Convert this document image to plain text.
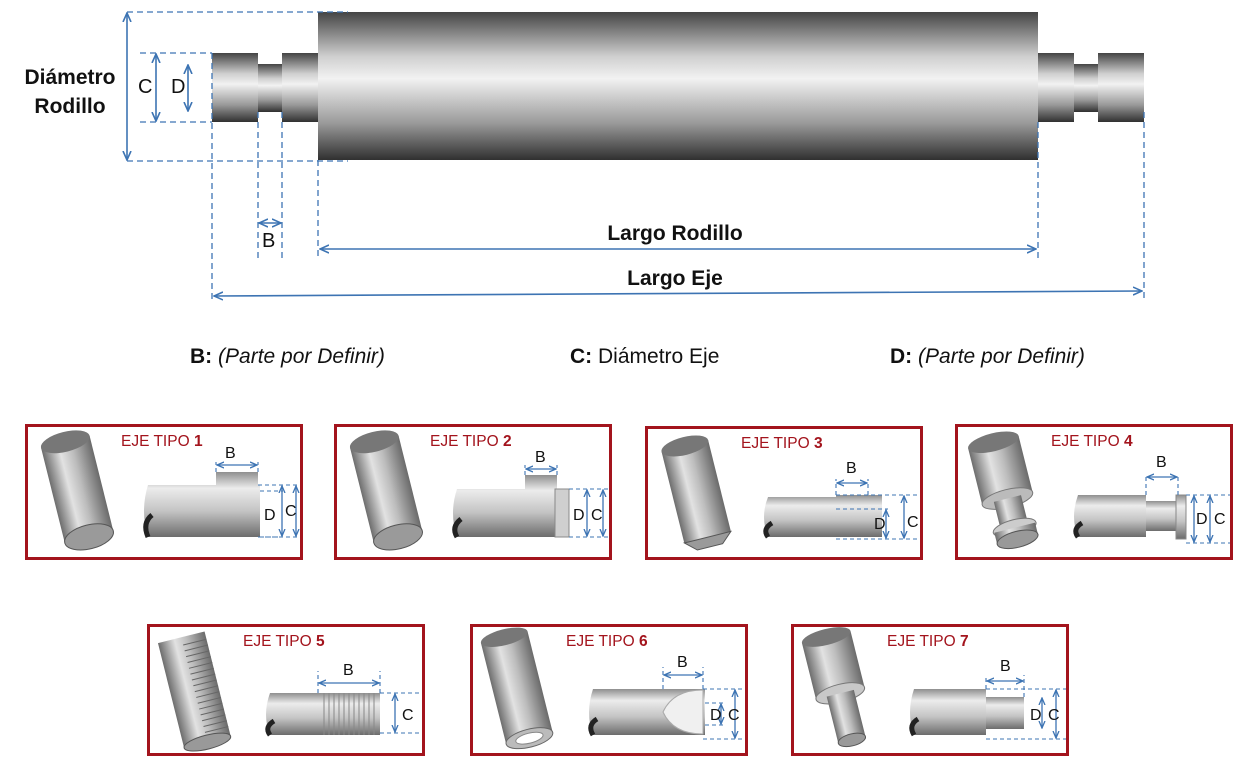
Diámetro
Rodillo
C D
B	Largo Rodillo
Largo Eje
B: (Parte por Definir)	C: Diámetro Eje	D: (Parte por Definir)
EJE TIPO 1
B
D C
EJE TIPO 2
B
D C
EJE TIPO 3
B
D C
EJE TIPO 4
B
D C
EJE TIPO 5
B
C
EJE TIPO 6
B
D C
EJE TIPO 7
B
D C
